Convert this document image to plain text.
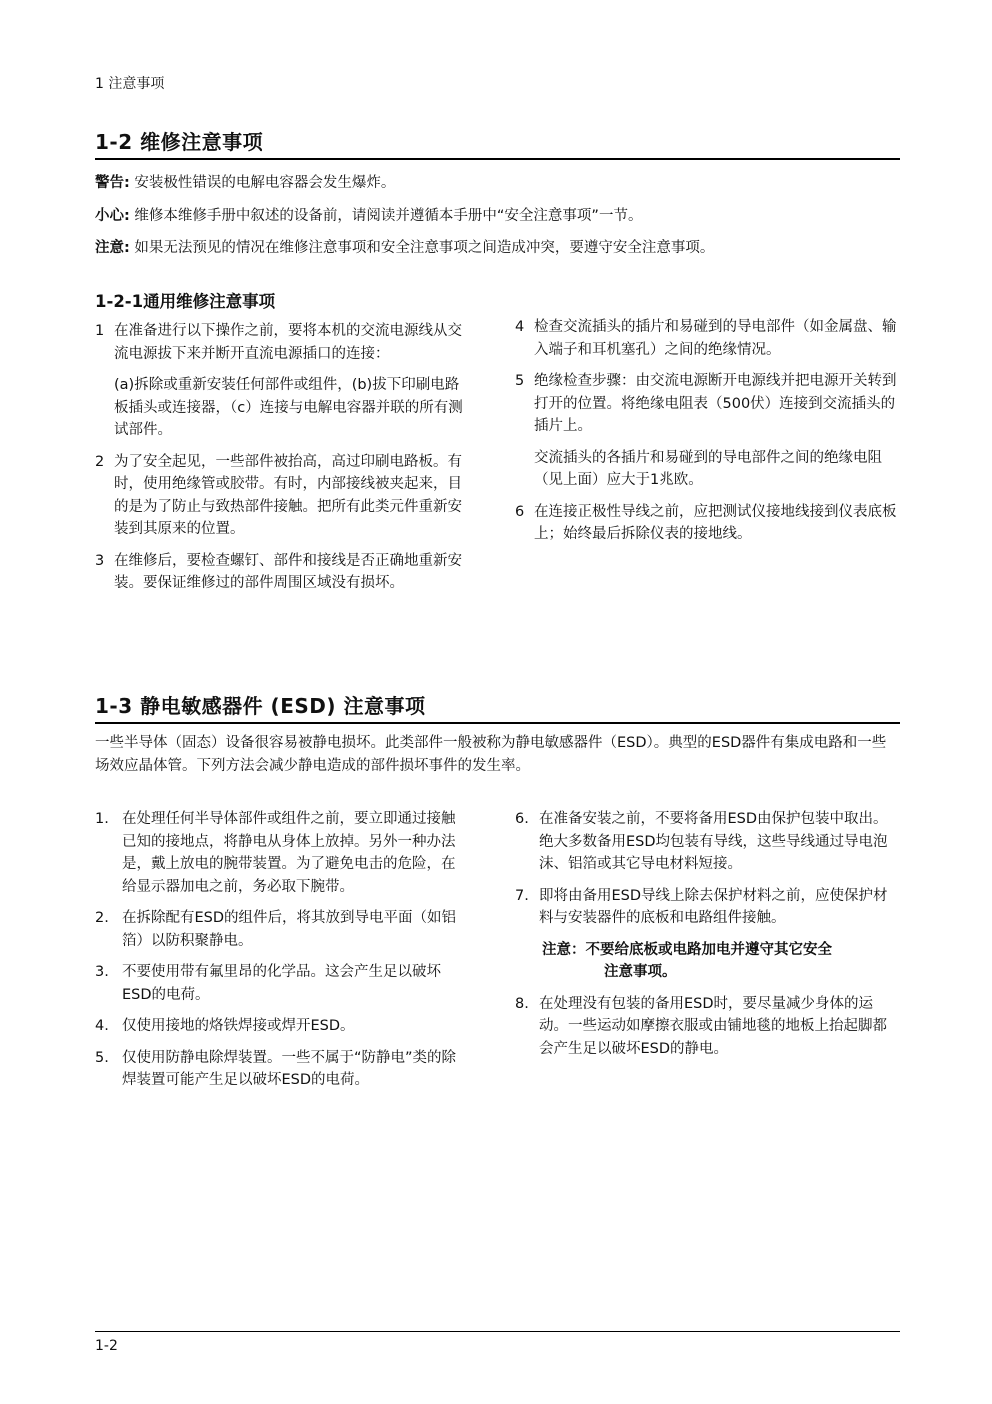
1 注意事项
1-2 维修注意事项
警告: 安装极性错误的电解电容器会发生爆炸。
小心: 维修本维修手册中叙述的设备前，请阅读并遵循本手册中“安全注意事项”一节。
注意: 如果无法预见的情况在维修注意事项和安全注意事项之间造成冲突，要遵守安全注意事项。
1-2-1通用维修注意事项
1 在准备进行以下操作之前，要将本机的交流电源线从交流电源拔下来并断开直流电源插口的连接：
(a)拆除或重新安装任何部件或组件，(b)拔下印刷电路板插头或连接器，（c）连接与电解电容器并联的所有测试部件。
2 为了安全起见，一些部件被抬高，高过印刷电路板。有时，使用绝缘管或胶带。有时，内部接线被夹起来，目的是为了防止与致热部件接触。把所有此类元件重新安装到其原来的位置。
3 在维修后，要检查螺钉、部件和接线是否正确地重新安装。要保证维修过的部件周围区域没有损坏。
4 检查交流插头的插片和易碰到的导电部件（如金属盘、输入端子和耳机塞孔）之间的绝缘情况。
5 绝缘检查步骤：由交流电源断开电源线并把电源开关转到打开的位置。将绝缘电阻表（500伏）连接到交流插头的插片上。
交流插头的各插片和易碰到的导电部件之间的绝缘电阻（见上面）应大于1兆欧。
6 在连接正极性导线之前，应把测试仪接地线接到仪表底板上；始终最后拆除仪表的接地线。
1-3 静电敏感器件 (ESD) 注意事项
一些半导体（固态）设备很容易被静电损坏。此类部件一般被称为静电敏感器件（ESD）。典型的ESD器件有集成电路和一些场效应晶体管。下列方法会减少静电造成的部件损坏事件的发生率。
1. 在处理任何半导体部件或组件之前，要立即通过接触已知的接地点，将静电从身体上放掉。另外一种办法是，戴上放电的腕带装置。为了避免电击的危险，在给显示器加电之前，务必取下腕带。
2. 在拆除配有ESD的组件后，将其放到导电平面（如铝箔）以防积聚静电。
3. 不要使用带有氟里昂的化学品。这会产生足以破坏ESD的电荷。
4. 仅使用接地的烙铁焊接或焊开ESD。
5. 仅使用防静电除焊装置。一些不属于“防静电”类的除焊装置可能产生足以破坏ESD的电荷。
6. 在准备安装之前，不要将备用ESD由保护包装中取出。绝大多数备用ESD均包装有导线，这些导线通过导电泡沫、铝箔或其它导电材料短接。
7. 即将由备用ESD导线上除去保护材料之前，应使保护材料与安装器件的底板和电路组件接触。
注意：不要给底板或电路加电并遵守其它安全
注意事项。
8. 在处理没有包装的备用ESD时，要尽量减少身体的运动。一些运动如摩擦衣服或由铺地毯的地板上抬起脚都会产生足以破坏ESD的静电。
1-2
